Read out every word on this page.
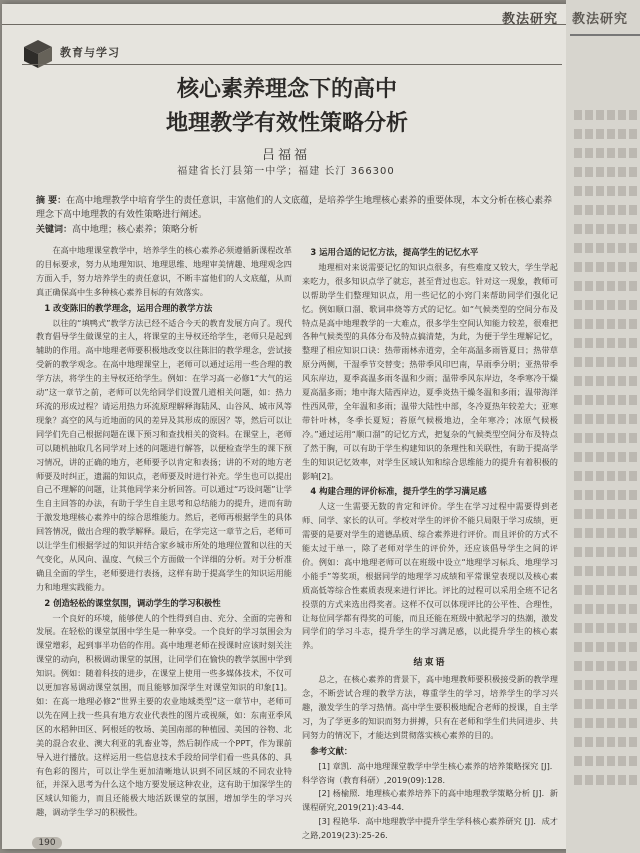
教法研究
教育与学习
核心素养理念下的高中
地理教学有效性策略分析
吕福福
福建省长汀县第一中学；福建 长汀 366300
摘 要：在高中地理教学中培育学生的责任意识，丰富他们的人文底蕴，是培养学生地理核心素养的重要体现，本文分析在核心素养理念下高中地理教的有效性策略进行阐述。
关键词：高中地理；核心素养；策略分析

在高中地理课堂教学中，培养学生的核心素养必须遵循新课程改革的目标要求，努力从地理知识、地理思维、地理审美情趣、地理观念四方面入手，努力培养学生的责任意识，不断丰富他们的人文底蕴，从而真正确保高中生多种核心素养目标的有效落实。

1 改变陈旧的教学理念，运用合理的教学方法

以往的“填鸭式”教学方法已经不适合今天的教育发展方向了。现代教育倡导学生做课堂的主人，将课堂的主导权还给学生，老师只是起到辅助的作用。高中地理老师要积极地改变以往陈旧的教学理念，尝试接受新的教学观念。在高中地理课堂上，老师可以通过运用一些合理的教学方法，将学生的主导权还给学生。例如：在学习高一必修1“大气的运动”这一章节之前，老师可以先给同学们设置几道相关问题，如：热力环流的形成过程？请运用热力环流原理解释海陆风、山谷风、城市风等现象？高空的风与近地面的风的差异及其形成的原因？等，然后可以让同学们先自己根据问题在课下预习和查找相关的资料。在课堂上，老师可以随机抽取几名同学对上述的问题进行解答，以便检查学生的课下预习情况，讲的正确的地方，老师要予以肯定和表扬；讲的不对的地方老师要及时纠正，遗漏的知识点，老师要及时进行补充。学生也可以提出自己不理解的问题，让其他同学来分析回答。可以通过“巧设问题”让学生自主回答的办法，有助于学生自主思考和总结能力的提升，进而有助于激发地理核心素养中的综合思维能力。然后，老师再根据学生的具体回答情况，做出合理的教学解释。最后，在学完这一章节之后，老师可以让学生们根据学过的知识并结合家乡城市所处的地理位置和以往的天气变化，从风向、温度、气候三个方面做一个详细的分析。对于分析准确且全面的学生，老师要进行表扬，这样有助于提高学生的知识运用能力和地理实践能力。

2 创造轻松的课堂氛围，调动学生的学习积极性

一个良好的环境，能够使人的个性得到自由、充分、全面的完善和发展。在轻松的课堂氛围中学生是一种享受。一个良好的学习氛围会为课堂增彩，起到事半功倍的作用。高中地理老师在授课时应该时刻关注课堂的动向，积极调动课堂的氛围，让同学们在愉快的教学氛围中学到知识。例如：随着科技的进步，在课堂上使用一些多媒体技术，不仅可以更加容易调动课堂氛围，而且能够加深学生对课堂知识的印象[1]。如：在高一地理必修2“世界主要的农业地域类型”这一章节中，老师可以先在网上找一些具有地方农业代表性的图片或视频，如：东南亚季风区的水稻种田区、阿根廷的牧场、美国南部的种植园、美国的谷物、北美的混合农业、澳大利亚的乳畜业等，然后制作成一个PPT，作为课前导入进行播放。这样运用一些信息技术手段给同学们看一些具体的、具有色彩的图片，可以让学生更加清晰地认识到不同区域的不同农业特征，并深入思考为什么这个地方要发展这种农业，这有助于加深学生的区域认知能力，而且还能极大地活跃课堂的氛围，增加学生的学习兴趣，调动学生学习的积极性。

3 运用合适的记忆方法，提高学生的记忆水平

地理相对来说需要记忆的知识点很多，有些难度又较大，学生学起来吃力，很多知识点学了就忘，甚至背过也忘。针对这一现象，教师可以帮助学生们整理知识点，用一些记忆的小窍门来帮助同学们强化记忆。例如顺口溜、歌词串烧等方式的记忆。如“气候类型的空间分布及特点是高中地理教学的一大难点，很多学生空间认知能力较差，很难把各种气候类型的具体分布及特点搞清楚，为此，为便于学生理解记忆，整理了相应知识口诀：热带雨林赤道旁，全年高温多雨皆夏日；热带草原分两侧，干湿季节交替变；热带季风印巴南，旱雨季分明；亚热带季风东岸边，夏季高温多雨冬温和少雨；温带季风东岸边，冬季寒冷干燥夏高温多雨；地中海大陆西岸边，夏季炎热干燥冬温和多雨；温带海洋性西风带，全年温和多雨；温带大陆性中部，冬冷夏热年较差大；亚寒带针叶林，冬季长夏短；苔原气候极地边，全年寒冷；冰原气候极冷。”通过运用“顺口溜”的记忆方式，把复杂的气候类型空间分布及特点了然于胸，可以有助于学生构建知识的条理性和关联性，有助于提高学生的知识记忆效率，对学生区域认知和综合思维能力的提升有着积极的影响[2]。

4 构建合理的评价标准，提升学生的学习满足感

人这一生需要无数的肯定和评价。学生在学习过程中需要得到老师、同学、家长的认可。学校对学生的评价不能只局限于学习成绩，更需要的是要对学生的道德品质、综合素养进行评价。而且评价的方式不能太过于单一，除了老师对学生的评价外，还应该倡导学生之间的评价。例如：高中地理老师可以在班级中设立“地理学习标兵、地理学习小能手”等奖项，根据同学的地理学习成绩和平常课堂表现以及核心素质高低等综合性素质表现来进行评比。评比的过程可以采用全班不记名投票的方式来选出得奖者。这样不仅可以体现评比的公平性、合理性，让每位同学都有得奖的可能，而且还能在班级中掀起学习的热潮，激发同学们的学习斗志，提升学生的学习满足感，以此提升学生的核心素养。

结束语

总之，在核心素养的背景下，高中地理教师要积极接受新的教学理念，不断尝试合理的教学方法，尊重学生的学习，培养学生的学习兴趣，激发学生的学习热情。高中学生要积极地配合老师的授课，自主学习，为了学更多的知识而努力拼搏，只有在老师和学生们共同进步、共同努力的情况下，才能达到贯彻落实核心素养的目的。

参考文献：

[1] 章凯．高中地理课堂教学中学生核心素养的培养策略探究 [J]．科学咨询（教育科研）,2019(09):128．

[2] 杨榆照．地理核心素养培养下的高中地理教学策略分析 [J]．新课程研究,2019(21):43-44．

[3] 程艳华．高中地理教学中提升学生学科核心素养研究 [J]．成才之路,2019(23):25-26．

190
教法研究
